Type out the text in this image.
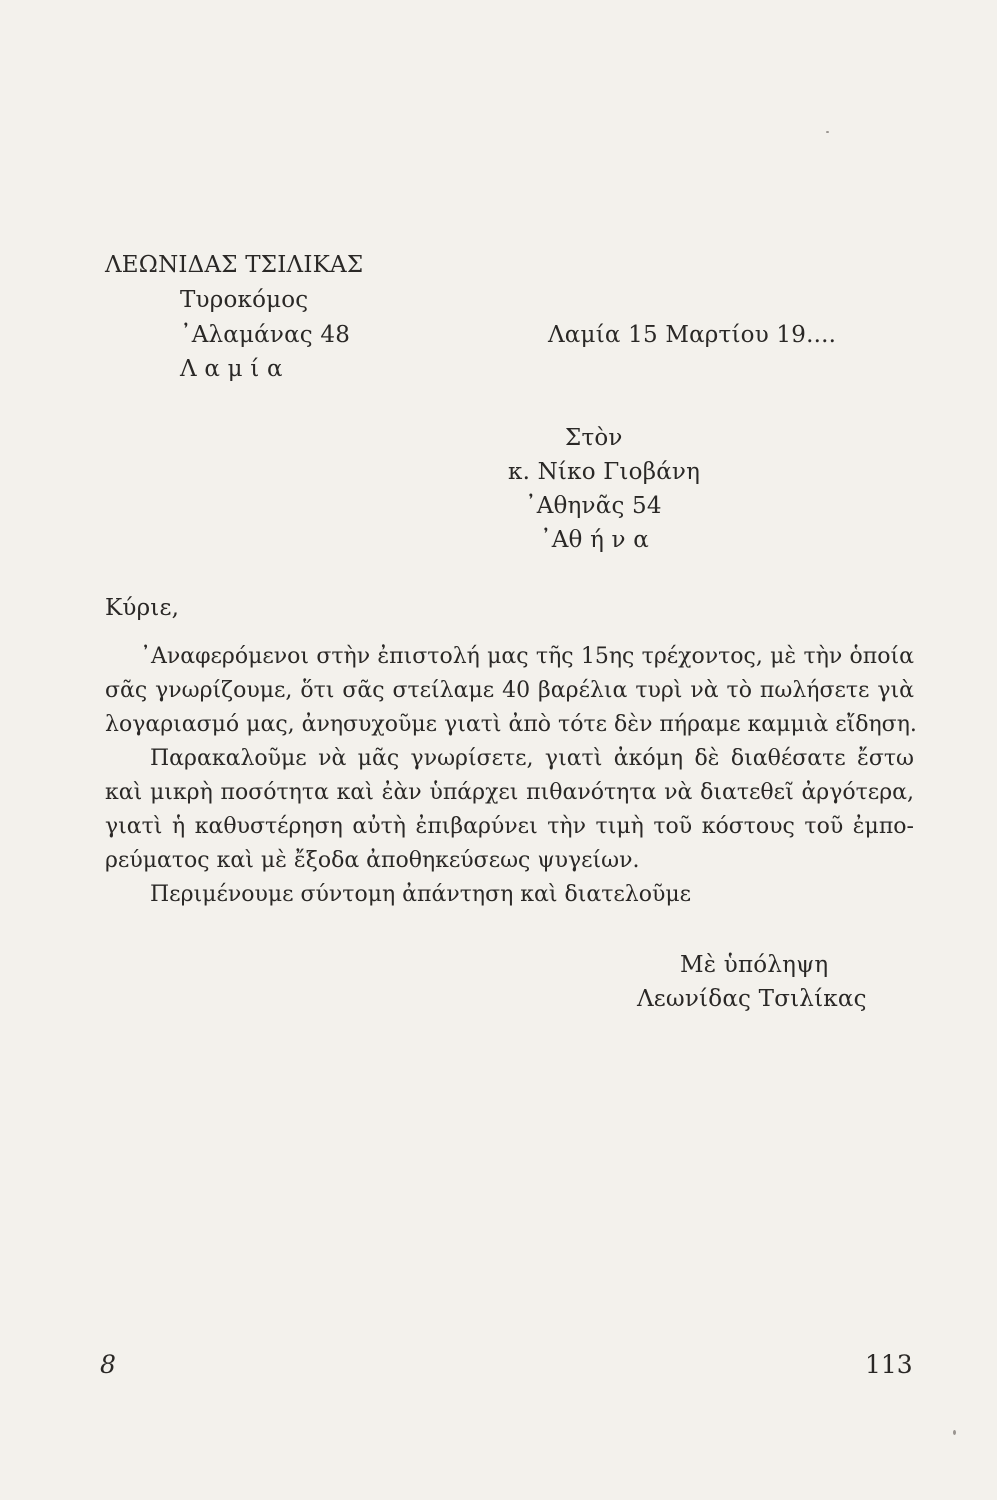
ΛΕΩΝΙΔΑΣ ΤΣΙΛΙΚΑΣ
Τυροκόμος
᾿Αλαμάνας 48
Λ α μ ί α
Λαμία 15 Μαρτίου 19....
Στὸν
κ. Νίκο Γιοβάνη
᾿Αθηνᾶς 54
᾿Αθ ή ν α
Κύριε,
᾿Αναφερόμενοι στὴν ἐπιστολή μας τῆς 15ης τρέχοντος, μὲ τὴν ὁποία
σᾶς γνωρίζουμε, ὅτι σᾶς στείλαμε 40 βαρέλια τυρὶ νὰ τὸ πωλήσετε γιὰ
λογαριασμό μας, ἀνησυχοῦμε γιατὶ ἀπὸ τότε δὲν πήραμε καμμιὰ εἴδηση.
Παρακαλοῦμε νὰ μᾶς γνωρίσετε, γιατὶ ἀκόμη δὲ διαθέσατε ἔστω
καὶ μικρὴ ποσότητα καὶ ἐὰν ὑπάρχει πιθανότητα νὰ διατεθεῖ ἀργότερα,
γιατὶ ἡ καθυστέρηση αὐτὴ ἐπιβαρύνει τὴν τιμὴ τοῦ κόστους τοῦ ἐμπο-
ρεύματος καὶ μὲ ἔξοδα ἀποθηκεύσεως ψυγείων.
Περιμένουμε σύντομη ἀπάντηση καὶ διατελοῦμε
Μὲ ὑπόληψη
Λεωνίδας Τσιλίκας
8	113
